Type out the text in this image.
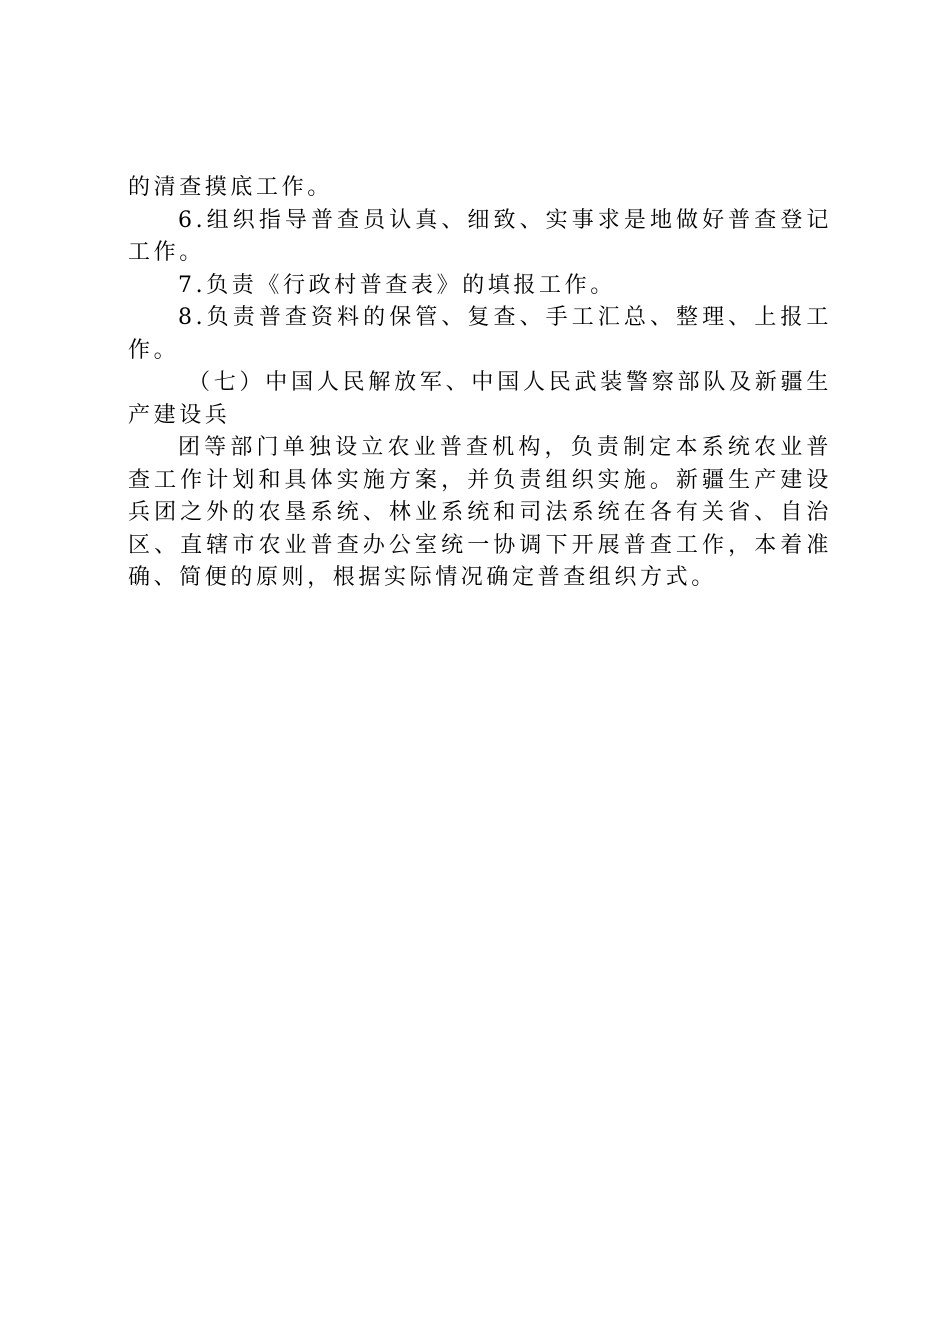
的清查摸底工作。

6.组织指导普查员认真、细致、实事求是地做好普查登记工作。

7.负责《行政村普查表》的填报工作。

8.负责普查资料的保管、复查、手工汇总、整理、上报工作。

（七）中国人民解放军、中国人民武装警察部队及新疆生产建设兵

团等部门单独设立农业普查机构，负责制定本系统农业普查工作计划和具体实施方案，并负责组织实施。新疆生产建设兵团之外的农垦系统、林业系统和司法系统在各有关省、自治区、直辖市农业普查办公室统一协调下开展普查工作，本着准确、简便的原则，根据实际情况确定普查组织方式。
